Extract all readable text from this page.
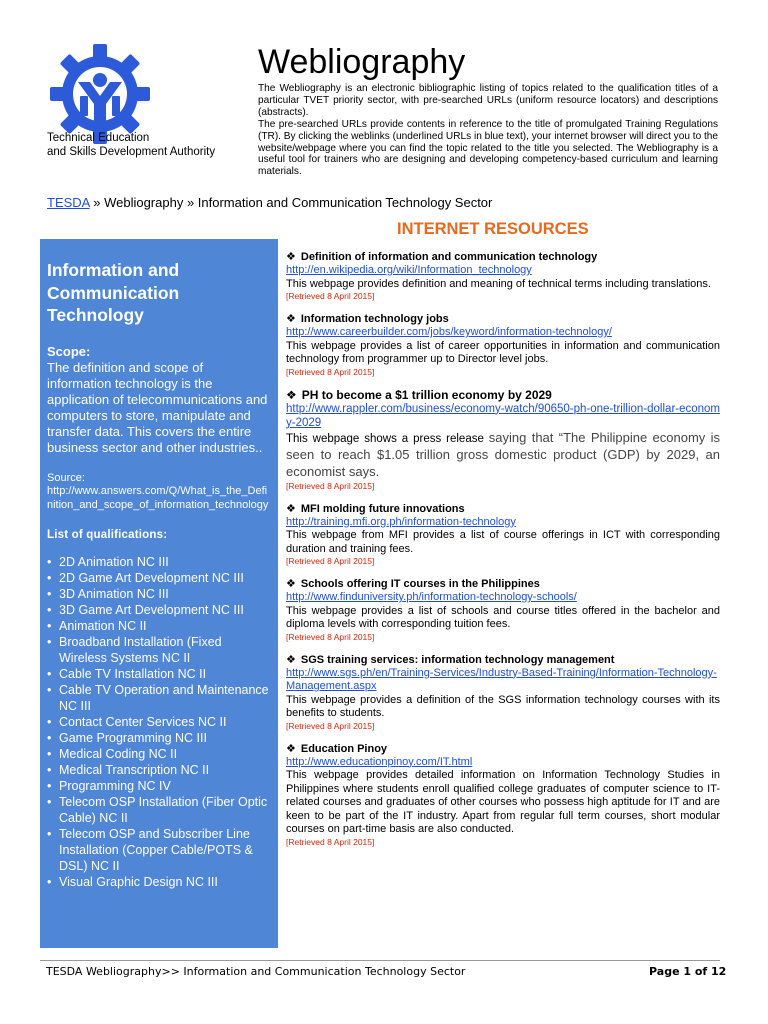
Technical Education
and Skills Development Authority
Webliography

The Webliography is an electronic bibliographic listing of topics related to the qualification titles of a particular TVET priority sector, with pre-searched URLs (uniform resource locators) and descriptions (abstracts).

The pre-searched URLs provide contents in reference to the title of promulgated Training Regulations (TR). By clicking the weblinks (underlined URLs in blue text), your internet browser will direct you to the website/webpage where you can find the topic related to the title you selected. The Webliography is a useful tool for trainers who are designing and developing competency-based curriculum and learning materials.

TESDA » Webliography » Information and Communication Technology Sector
INTERNET RESOURCES
Information and Communication Technology
Scope:

The definition and scope of information technology is the application of telecommunications and computers to store, manipulate and transfer data. This covers the entire business sector and other industries..

Source:
http://www.answers.com/Q/What_is_the_Definition_and_scope_of_information_technology
List of qualifications:
• 2D Animation NC III
• 2D Game Art Development NC III
• 3D Animation NC III
• 3D Game Art Development NC III
• Animation NC II
• Broadband Installation (Fixed Wireless Systems NC II
• Cable TV Installation NC II
• Cable TV Operation and Maintenance NC III
• Contact Center Services NC II
• Game Programming NC III
• Medical Coding NC II
• Medical Transcription NC II
• Programming NC IV
• Telecom OSP Installation (Fiber Optic Cable) NC II
• Telecom OSP and Subscriber Line Installation (Copper Cable/POTS & DSL) NC II
• Visual Graphic Design NC III
❖ Definition of information and communication technology
http://en.wikipedia.org/wiki/Information_technology
This webpage provides definition and meaning of technical terms including translations.
[Retrieved 8 April 2015]
❖ Information technology jobs
http://www.careerbuilder.com/jobs/keyword/information-technology/
This webpage provides a list of career opportunities in information and communication technology from programmer up to Director level jobs.
[Retrieved 8 April 2015]
❖ PH to become a $1 trillion economy by 2029
http://www.rappler.com/business/economy-watch/90650-ph-one-trillion-dollar-economy-2029
This webpage shows a press release saying that “The Philippine economy is seen to reach $1.05 trillion gross domestic product (GDP) by 2029, an economist says.
[Retrieved 8 April 2015]
❖ MFI molding future innovations
http://training.mfi.org.ph/information-technology
This webpage from MFI provides a list of course offerings in ICT with corresponding duration and training fees.
[Retrieved 8 April 2015]
❖ Schools offering IT courses in the Philippines
http://www.finduniversity.ph/information-technology-schools/
This webpage provides a list of schools and course titles offered in the bachelor and diploma levels with corresponding tuition fees.
[Retrieved 8 April 2015]
❖ SGS training services: information technology management
http://www.sgs.ph/en/Training-Services/Industry-Based-Training/Information-Technology-Management.aspx
This webpage provides a definition of the SGS information technology courses with its benefits to students.
[Retrieved 8 April 2015]
❖ Education Pinoy
http://www.educationpinoy.com/IT.html
This webpage provides detailed information on Information Technology Studies in Philippines where students enroll qualified college graduates of computer science to IT-related courses and graduates of other courses who possess high aptitude for IT and are keen to be part of the IT industry. Apart from regular full term courses, short modular courses on part-time basis are also conducted.
[Retrieved 8 April 2015]
TESDA Webliography>> Information and Communication Technology Sector	Page 1 of 12
